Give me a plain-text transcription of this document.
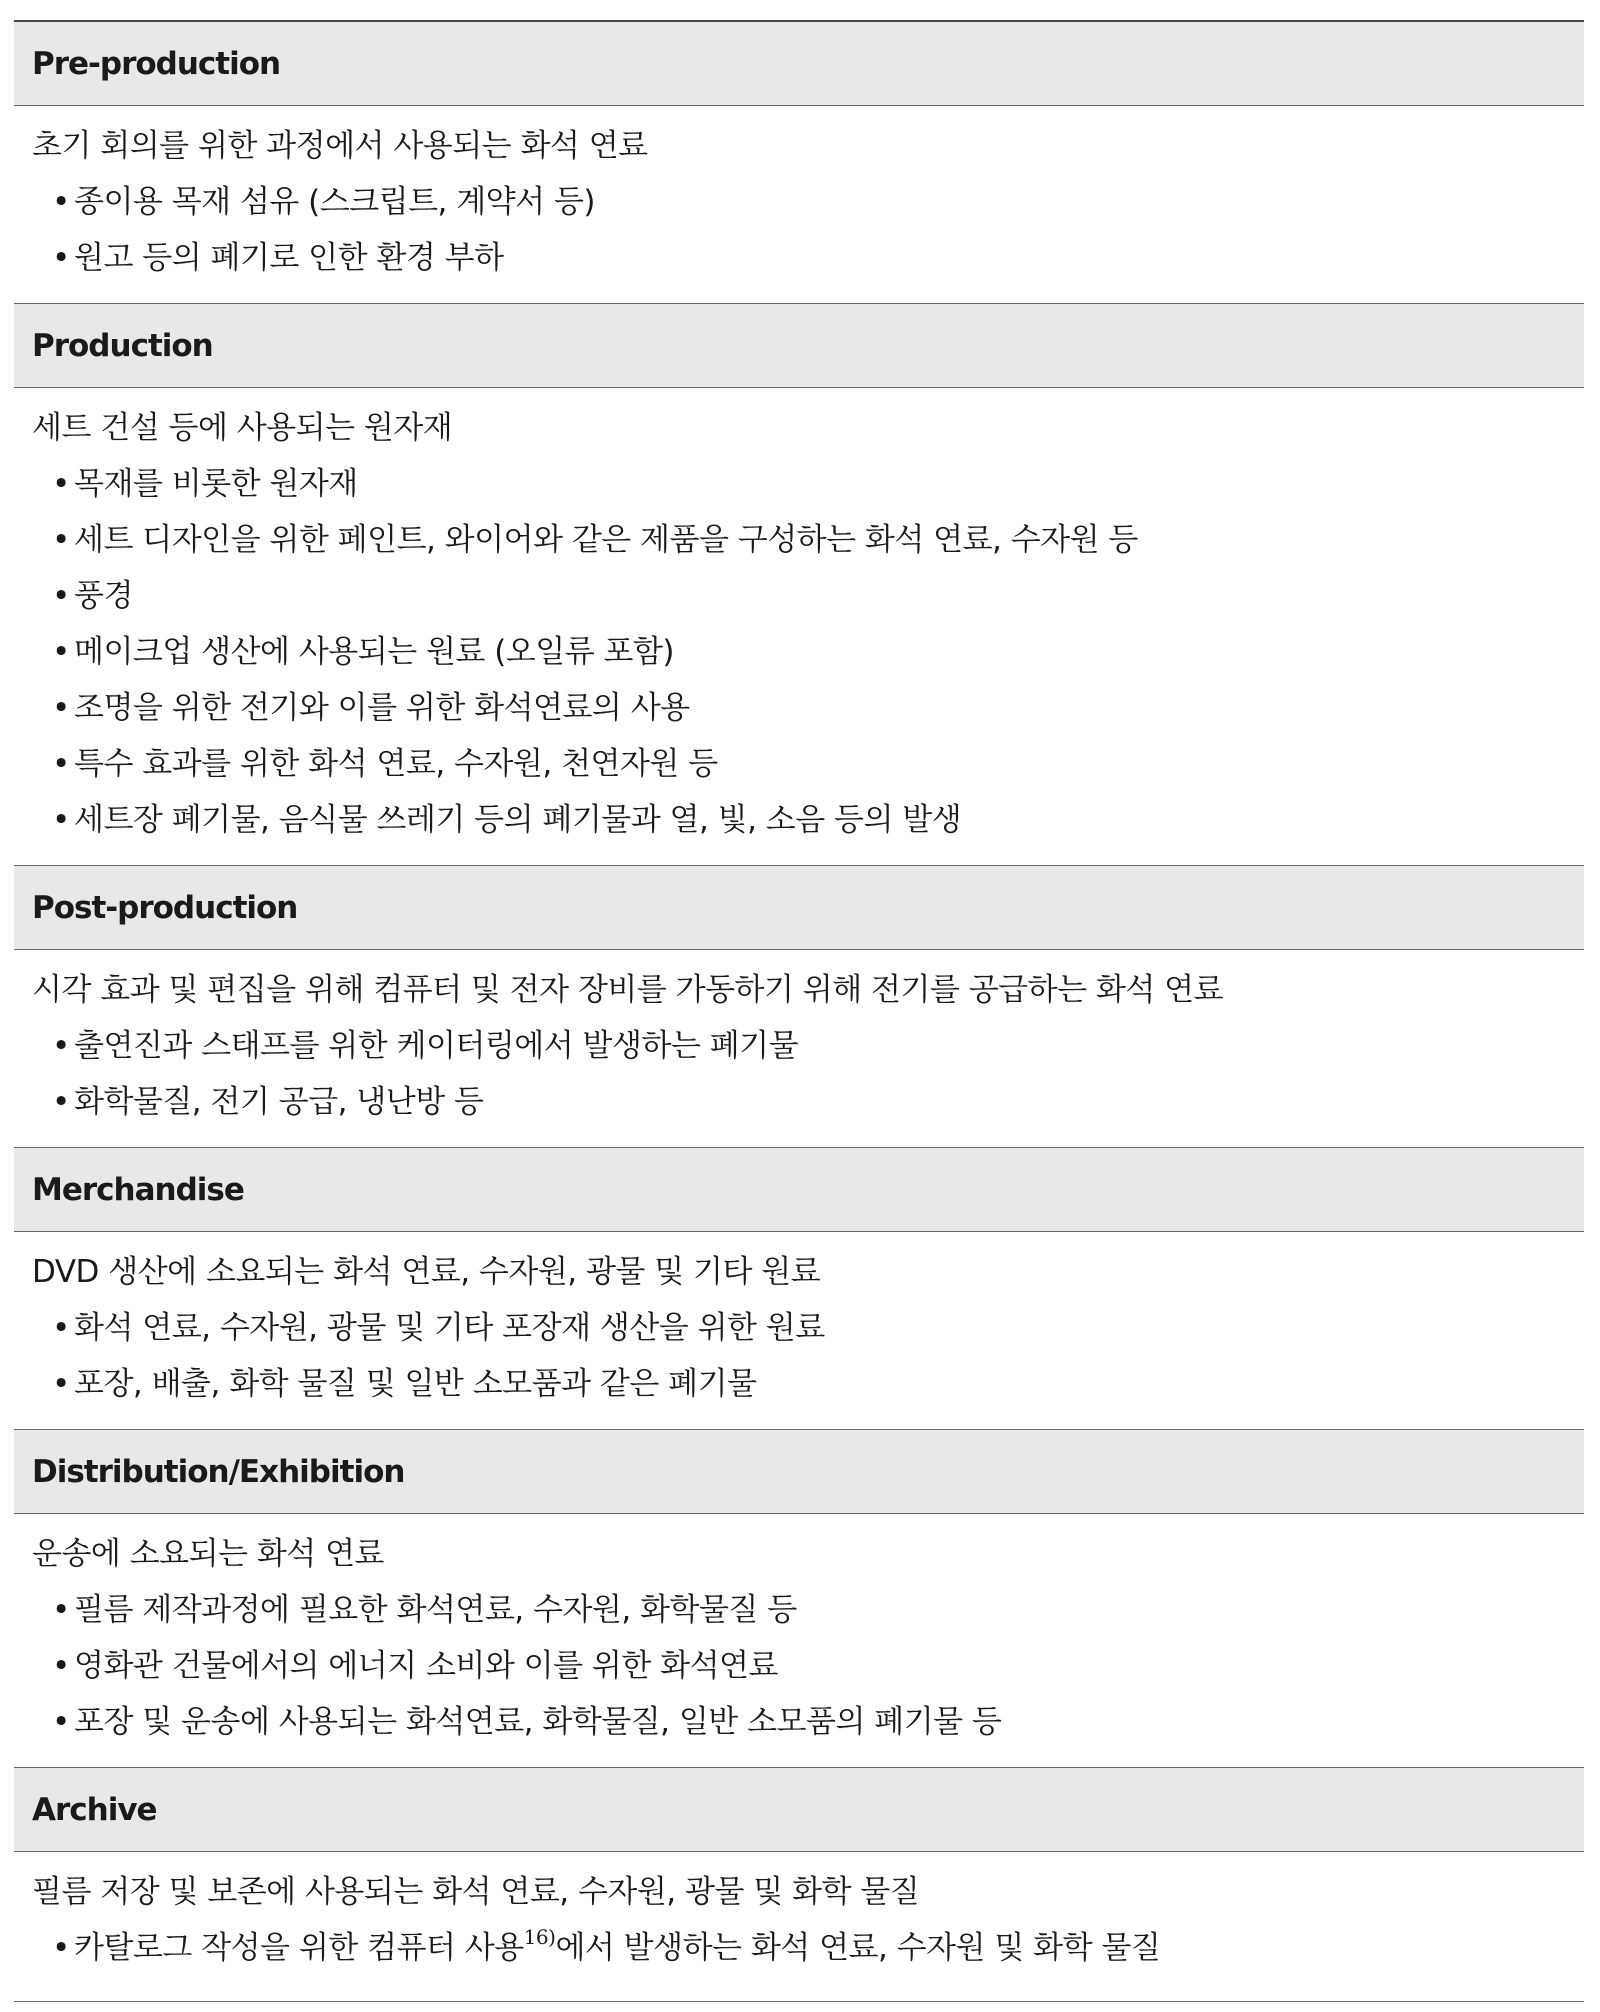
Pre-production
초기 회의를 위한 과정에서 사용되는 화석 연료
• 종이용 목재 섬유 (스크립트, 계약서 등)
• 원고 등의 폐기로 인한 환경 부하
Production
세트 건설 등에 사용되는 원자재
• 목재를 비롯한 원자재
• 세트 디자인을 위한 페인트, 와이어와 같은 제품을 구성하는 화석 연료, 수자원 등
• 풍경
• 메이크업 생산에 사용되는 원료 (오일류 포함)
• 조명을 위한 전기와 이를 위한 화석연료의 사용
• 특수 효과를 위한 화석 연료, 수자원, 천연자원 등
• 세트장 폐기물, 음식물 쓰레기 등의 폐기물과 열, 빛, 소음 등의 발생
Post-production
시각 효과 및 편집을 위해 컴퓨터 및 전자 장비를 가동하기 위해 전기를 공급하는 화석 연료
• 출연진과 스태프를 위한 케이터링에서 발생하는 폐기물
• 화학물질, 전기 공급, 냉난방 등
Merchandise
DVD 생산에 소요되는 화석 연료, 수자원, 광물 및 기타 원료
• 화석 연료, 수자원, 광물 및 기타 포장재 생산을 위한 원료
• 포장, 배출, 화학 물질 및 일반 소모품과 같은 폐기물
Distribution/Exhibition
운송에 소요되는 화석 연료
• 필름 제작과정에 필요한 화석연료, 수자원, 화학물질 등
• 영화관 건물에서의 에너지 소비와 이를 위한 화석연료
• 포장 및 운송에 사용되는 화석연료, 화학물질, 일반 소모품의 폐기물 등
Archive
필름 저장 및 보존에 사용되는 화석 연료, 수자원, 광물 및 화학 물질
• 카탈로그 작성을 위한 컴퓨터 사용$^{16)}$에서 발생하는 화석 연료, 수자원 및 화학 물질
